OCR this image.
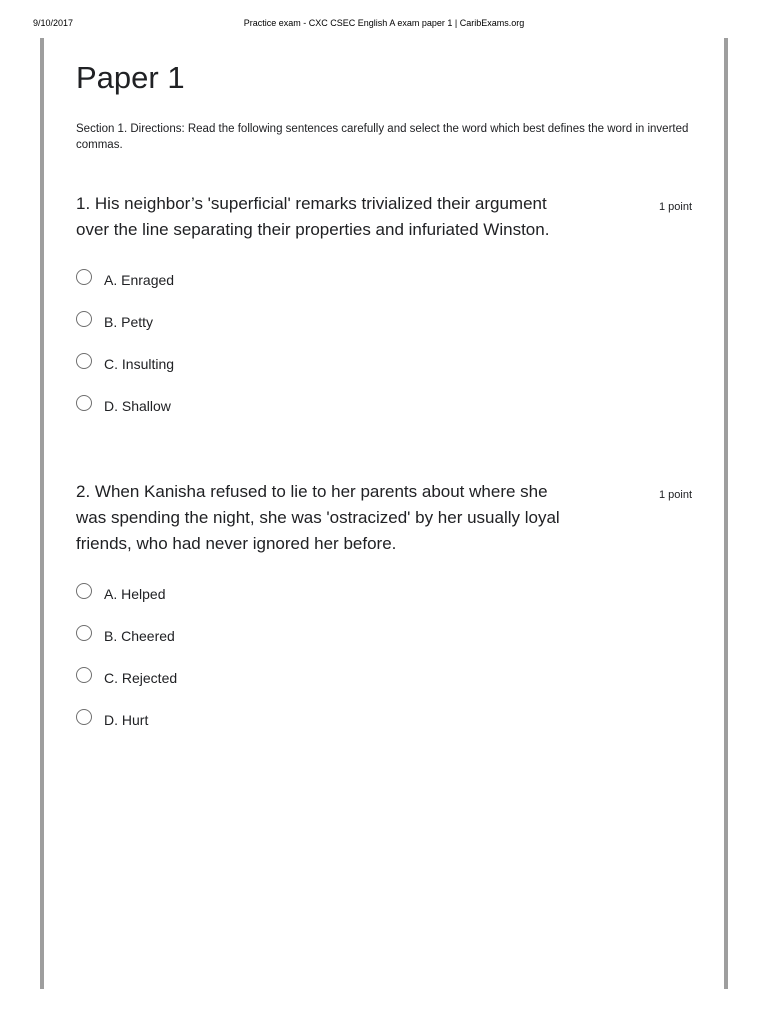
9/10/2017	Practice exam - CXC CSEC English A exam paper 1 | CaribExams.org
Paper 1

Section 1. Directions: Read the following sentences carefully and select the word which best defines the word in inverted commas.

1. His neighbor’s 'superficial' remarks trivialized their argument over the line separating their properties and infuriated Winston.

1 point
A. Enraged
B. Petty
C. Insulting
D. Shallow

2. When Kanisha refused to lie to her parents about where she was spending the night, she was 'ostracized' by her usually loyal friends, who had never ignored her before.

1 point
A. Helped
B. Cheered
C. Rejected
D. Hurt
